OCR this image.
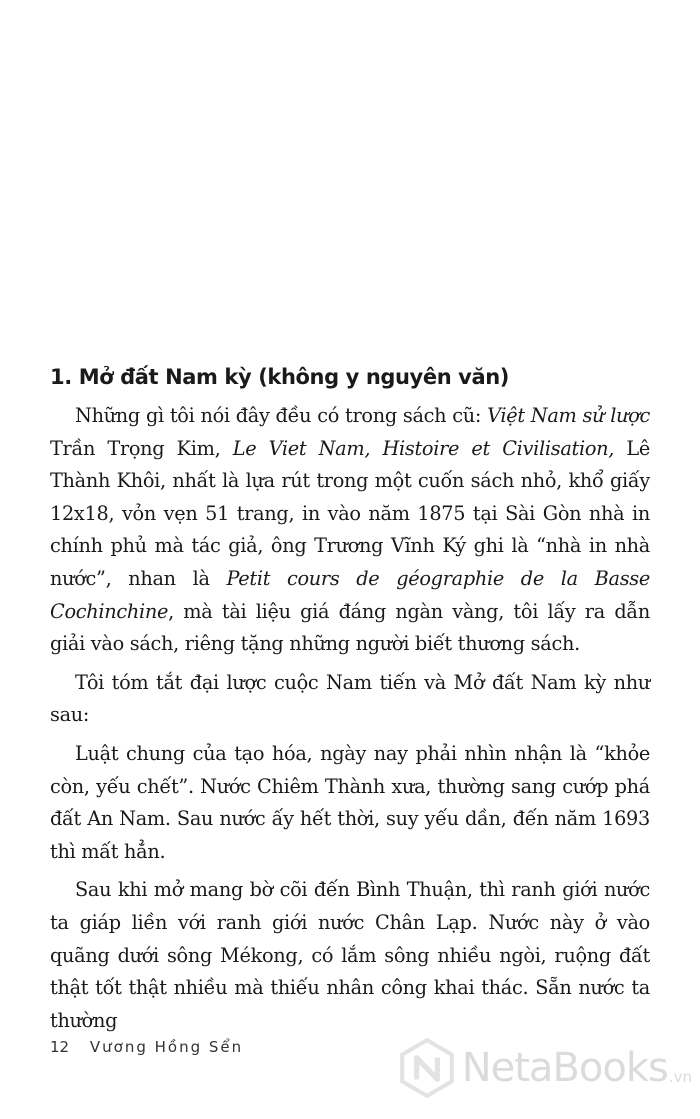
1. Mở đất Nam kỳ (không y nguyên văn)

Những gì tôi nói đây đều có trong sách cũ: Việt Nam sử lược Trần Trọng Kim, Le Viet Nam, Histoire et Civilisation, Lê Thành Khôi, nhất là lựa rút trong một cuốn sách nhỏ, khổ giấy 12x18, vỏn vẹn 51 trang, in vào năm 1875 tại Sài Gòn nhà in chính phủ mà tác giả, ông Trương Vĩnh Ký ghi là “nhà in nhà nước”, nhan là Petit cours de géographie de la Basse Cochinchine, mà tài liệu giá đáng ngàn vàng, tôi lấy ra dẫn giải vào sách, riêng tặng những người biết thương sách.

Tôi tóm tắt đại lược cuộc Nam tiến và Mở đất Nam kỳ như sau:

Luật chung của tạo hóa, ngày nay phải nhìn nhận là “khỏe còn, yếu chết”. Nước Chiêm Thành xưa, thường sang cướp phá đất An Nam. Sau nước ấy hết thời, suy yếu dần, đến năm 1693 thì mất hẳn.

Sau khi mở mang bờ cõi đến Bình Thuận, thì ranh giới nước ta giáp liền với ranh giới nước Chân Lạp. Nước này ở vào quãng dưới sông Mékong, có lắm sông nhiều ngòi, ruộng đất thật tốt thật nhiều mà thiếu nhân công khai thác. Sẵn nước ta thường

12 Vương Hồng Sển	NetaBooks .vn
